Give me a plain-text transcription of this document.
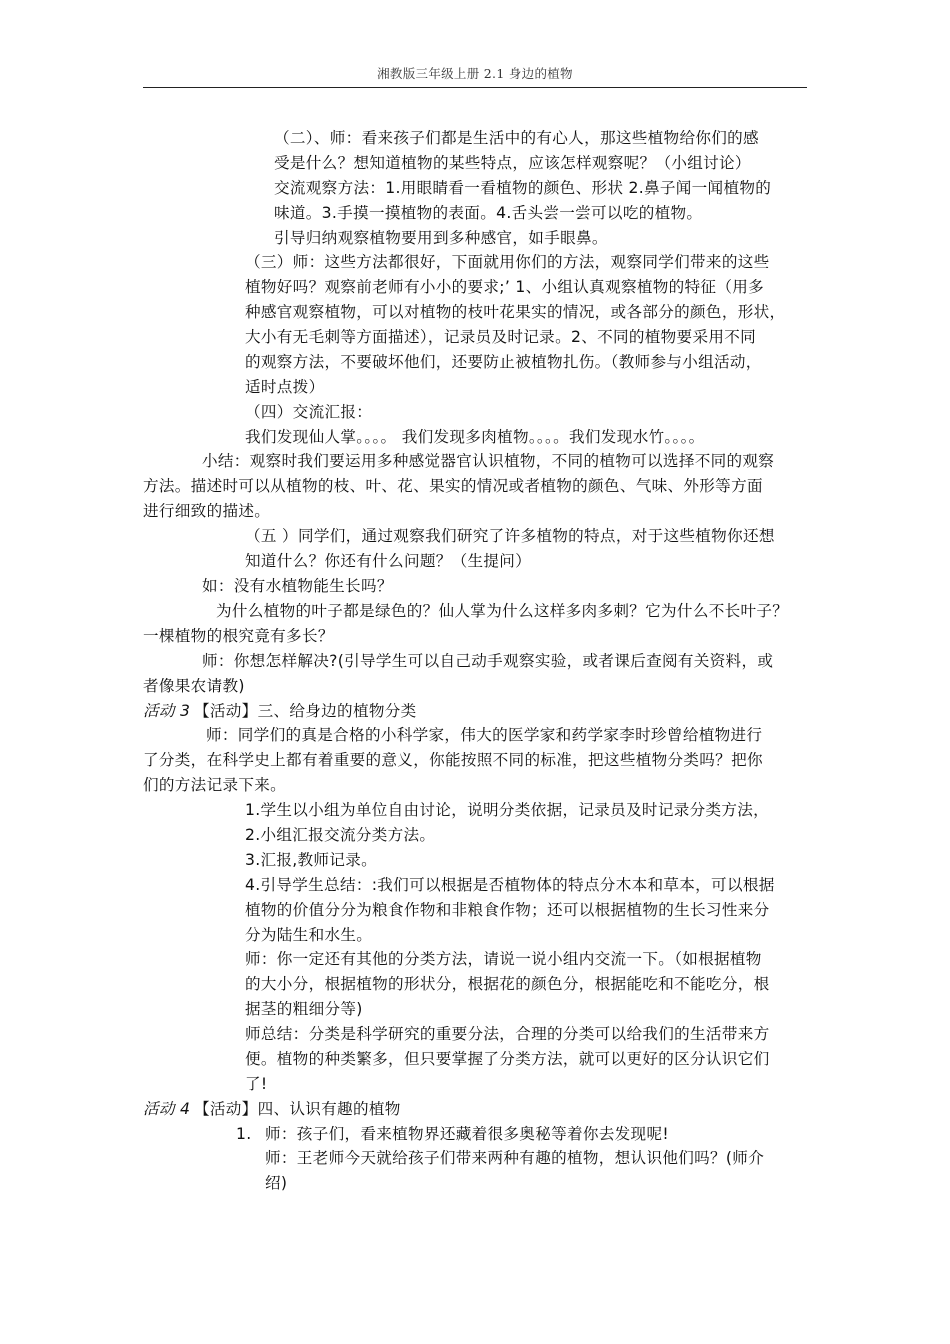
湘教版三年级上册 2.1 身边的植物
（二）、师：看来孩子们都是生活中的有心人，那这些植物给你们的感
受是什么？想知道植物的某些特点，应该怎样观察呢？（小组讨论）
交流观察方法：1.用眼睛看一看植物的颜色、形状 2.鼻子闻一闻植物的
味道。3.手摸一摸植物的表面。4.舌头尝一尝可以吃的植物。
引导归纳观察植物要用到多种感官，如手眼鼻。
（三）师：这些方法都很好，下面就用你们的方法，观察同学们带来的这些
植物好吗？观察前老师有小小的要求;’ 1、小组认真观察植物的特征（用多
种感官观察植物，可以对植物的枝叶花果实的情况，或各部分的颜色，形状，
大小有无毛刺等方面描述），记录员及时记录。2、不同的植物要采用不同
的观察方法，不要破坏他们，还要防止被植物扎伤。（教师参与小组活动，
适时点拨）
（四）交流汇报：
我们发现仙人掌。。。。 我们发现多肉植物。。。。我们发现水竹。。。。
小结：观察时我们要运用多种感觉器官认识植物，不同的植物可以选择不同的观察
方法。描述时可以从植物的枝、叶、花、果实的情况或者植物的颜色、气味、外形等方面
进行细致的描述。
（五 ）同学们，通过观察我们研究了许多植物的特点，对于这些植物你还想
知道什么？你还有什么问题？（生提问）
如：没有水植物能生长吗？
为什么植物的叶子都是绿色的？仙人掌为什么这样多肉多刺？它为什么不长叶子？
一棵植物的根究竟有多长？
师：你想怎样解决?(引导学生可以自己动手观察实验，或者课后查阅有关资料，或
者像果农请教)
活动 3 【活动】三、给身边的植物分类
师：同学们的真是合格的小科学家，伟大的医学家和药学家李时珍曾给植物进行
了分类，在科学史上都有着重要的意义，你能按照不同的标准，把这些植物分类吗？把你
们的方法记录下来。
1.学生以小组为单位自由讨论，说明分类依据，记录员及时记录分类方法，
2.小组汇报交流分类方法。
3.汇报,教师记录。
4.引导学生总结：:我们可以根据是否植物体的特点分木本和草本，可以根据
植物的价值分分为粮食作物和非粮食作物；还可以根据植物的生长习性来分
分为陆生和水生。
师：你一定还有其他的分类方法，请说一说小组内交流一下。（如根据植物
的大小分，根据植物的形状分，根据花的颜色分，根据能吃和不能吃分，根
据茎的粗细分等)
师总结：分类是科学研究的重要分法，合理的分类可以给我们的生活带来方
便。植物的种类繁多，但只要掌握了分类方法，就可以更好的区分认识它们
了!
活动 4 【活动】四、认识有趣的植物
1. 师：孩子们，看来植物界还藏着很多奥秘等着你去发现呢!
师：王老师今天就给孩子们带来两种有趣的植物，想认识他们吗？(师介
绍)
